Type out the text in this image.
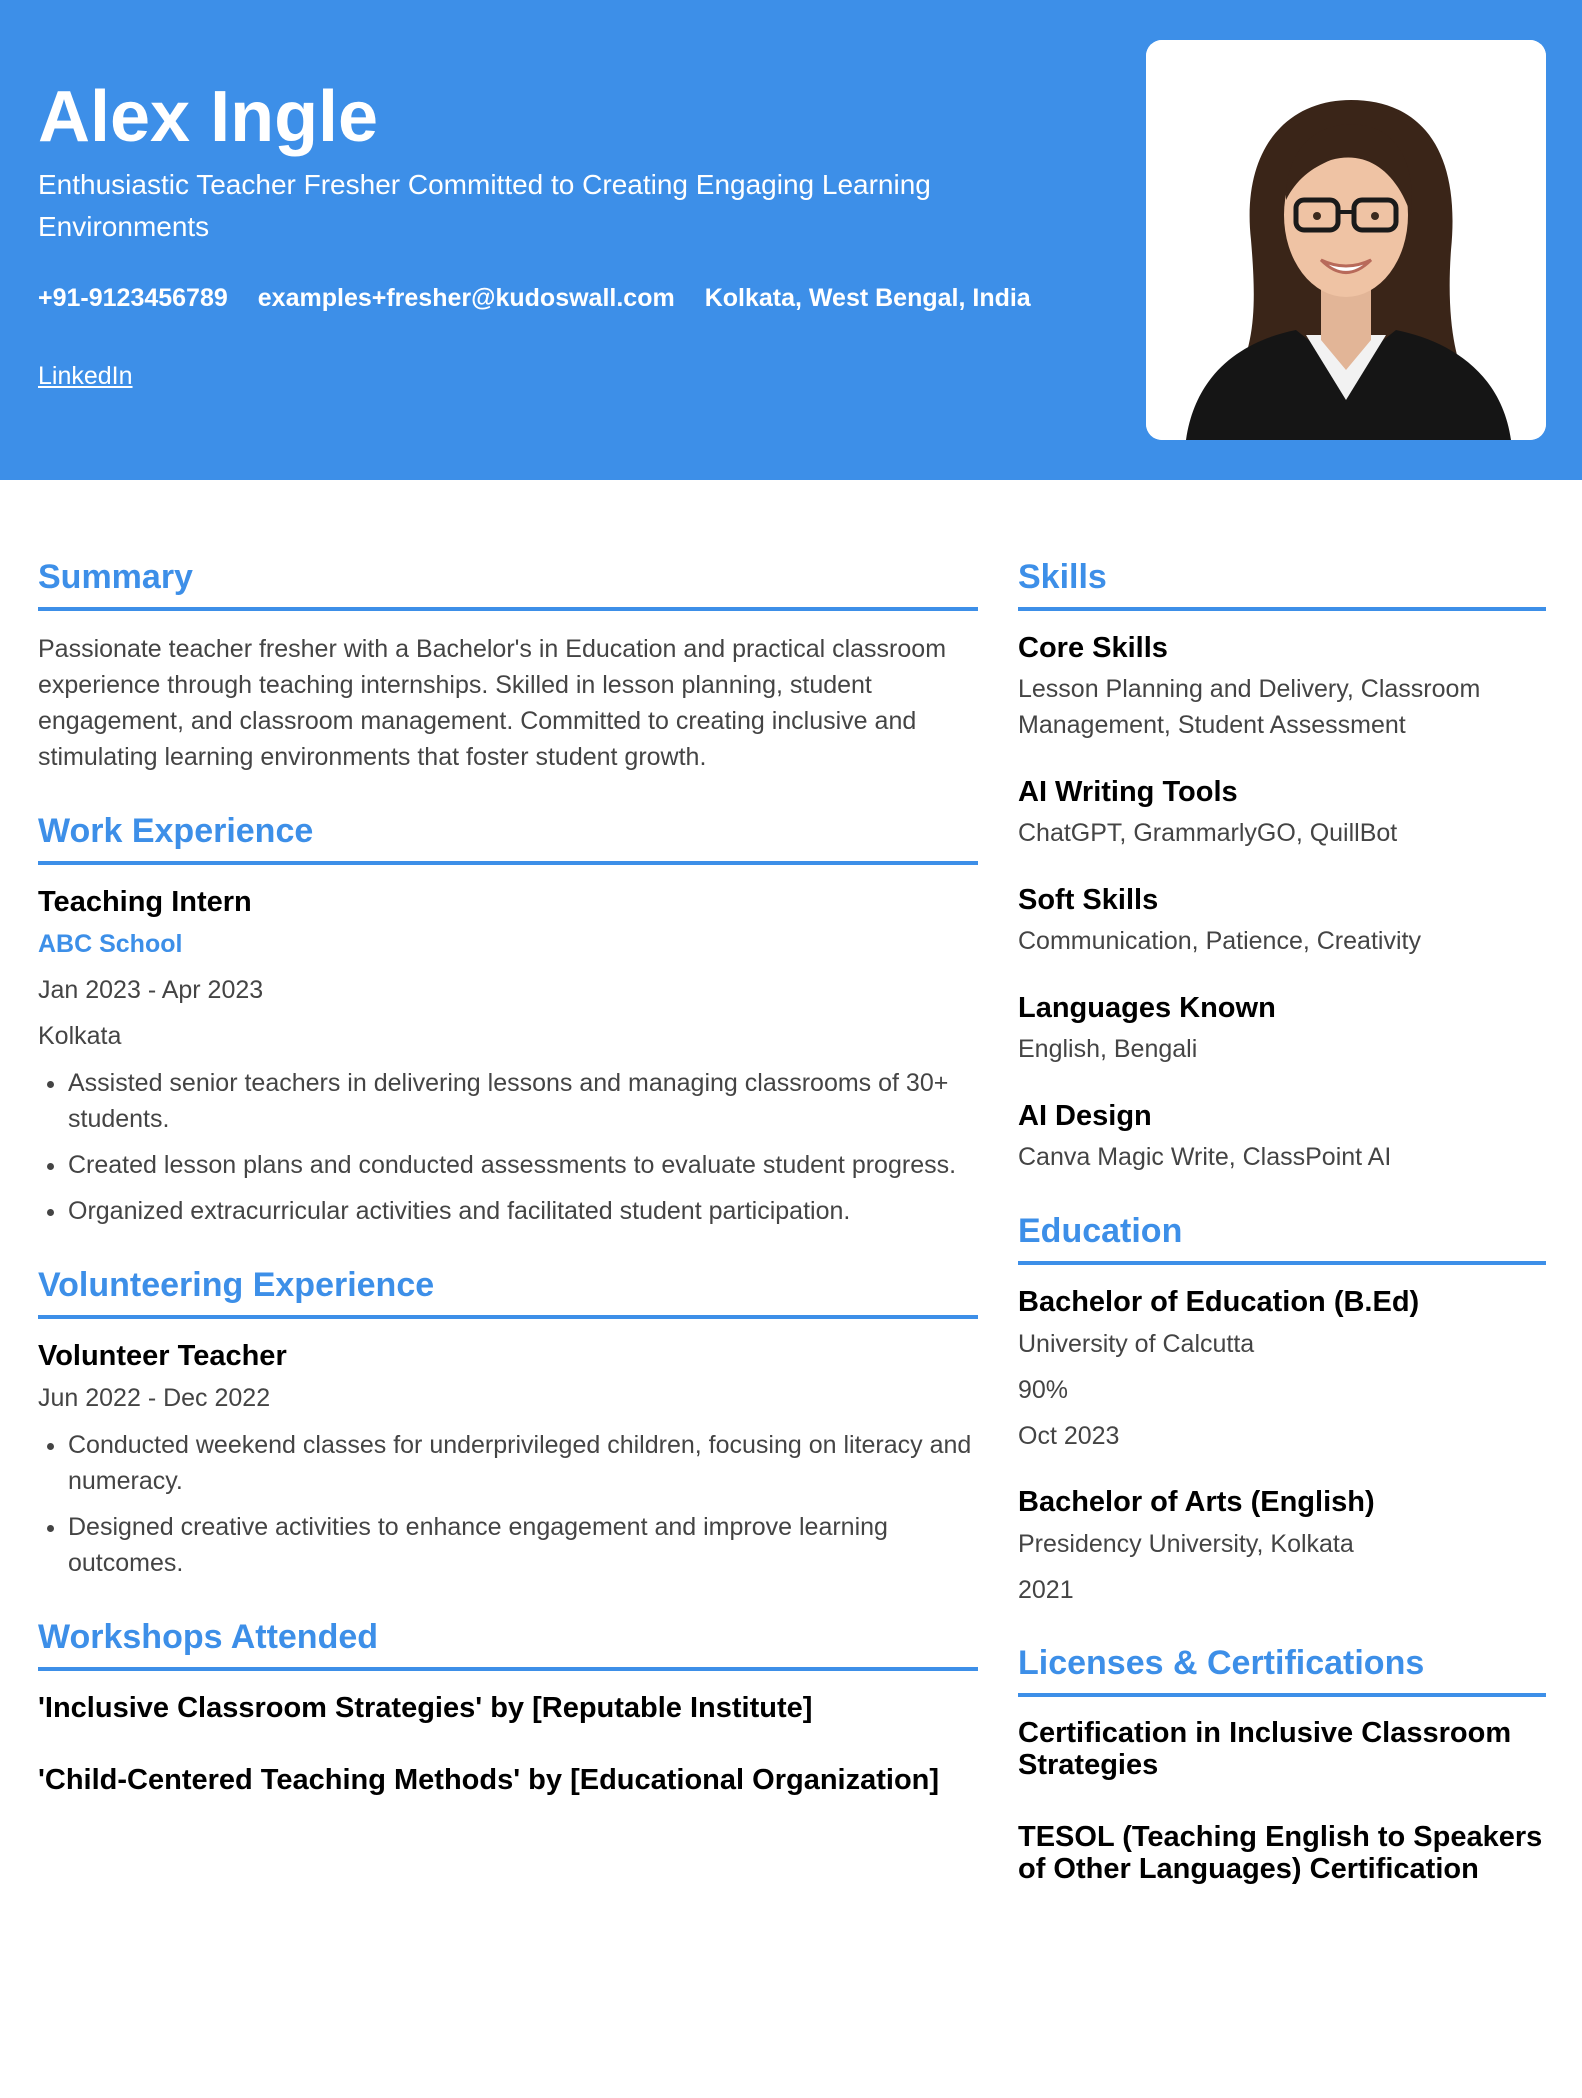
Alex Ingle

Enthusiastic Teacher Fresher Committed to Creating Engaging Learning Environments

+91-9123456789 examples+fresher@kudoswall.com Kolkata, West Bengal, India
LinkedIn
Summary

Passionate teacher fresher with a Bachelor's in Education and practical classroom experience through teaching internships. Skilled in lesson planning, student engagement, and classroom management. Committed to creating inclusive and stimulating learning environments that foster student growth.

Work Experience

Teaching Intern

ABC School

Jan 2023 - Apr 2023

Kolkata

• Assisted senior teachers in delivering lessons and managing classrooms of 30+ students.
• Created lesson plans and conducted assessments to evaluate student progress.
• Organized extracurricular activities and facilitated student participation.
Volunteering Experience

Volunteer Teacher

Jun 2022 - Dec 2022

• Conducted weekend classes for underprivileged children, focusing on literacy and numeracy.
• Designed creative activities to enhance engagement and improve learning outcomes.
Workshops Attended

'Inclusive Classroom Strategies' by [Reputable Institute]

'Child-Centered Teaching Methods' by [Educational Organization]

Skills

Core Skills

Lesson Planning and Delivery, Classroom Management, Student Assessment

AI Writing Tools

ChatGPT, GrammarlyGO, QuillBot

Soft Skills

Communication, Patience, Creativity

Languages Known

English, Bengali

AI Design

Canva Magic Write, ClassPoint AI

Education

Bachelor of Education (B.Ed)

University of Calcutta

90%

Oct 2023

Bachelor of Arts (English)

Presidency University, Kolkata

2021

Licenses & Certifications

Certification in Inclusive Classroom Strategies

TESOL (Teaching English to Speakers of Other Languages) Certification
